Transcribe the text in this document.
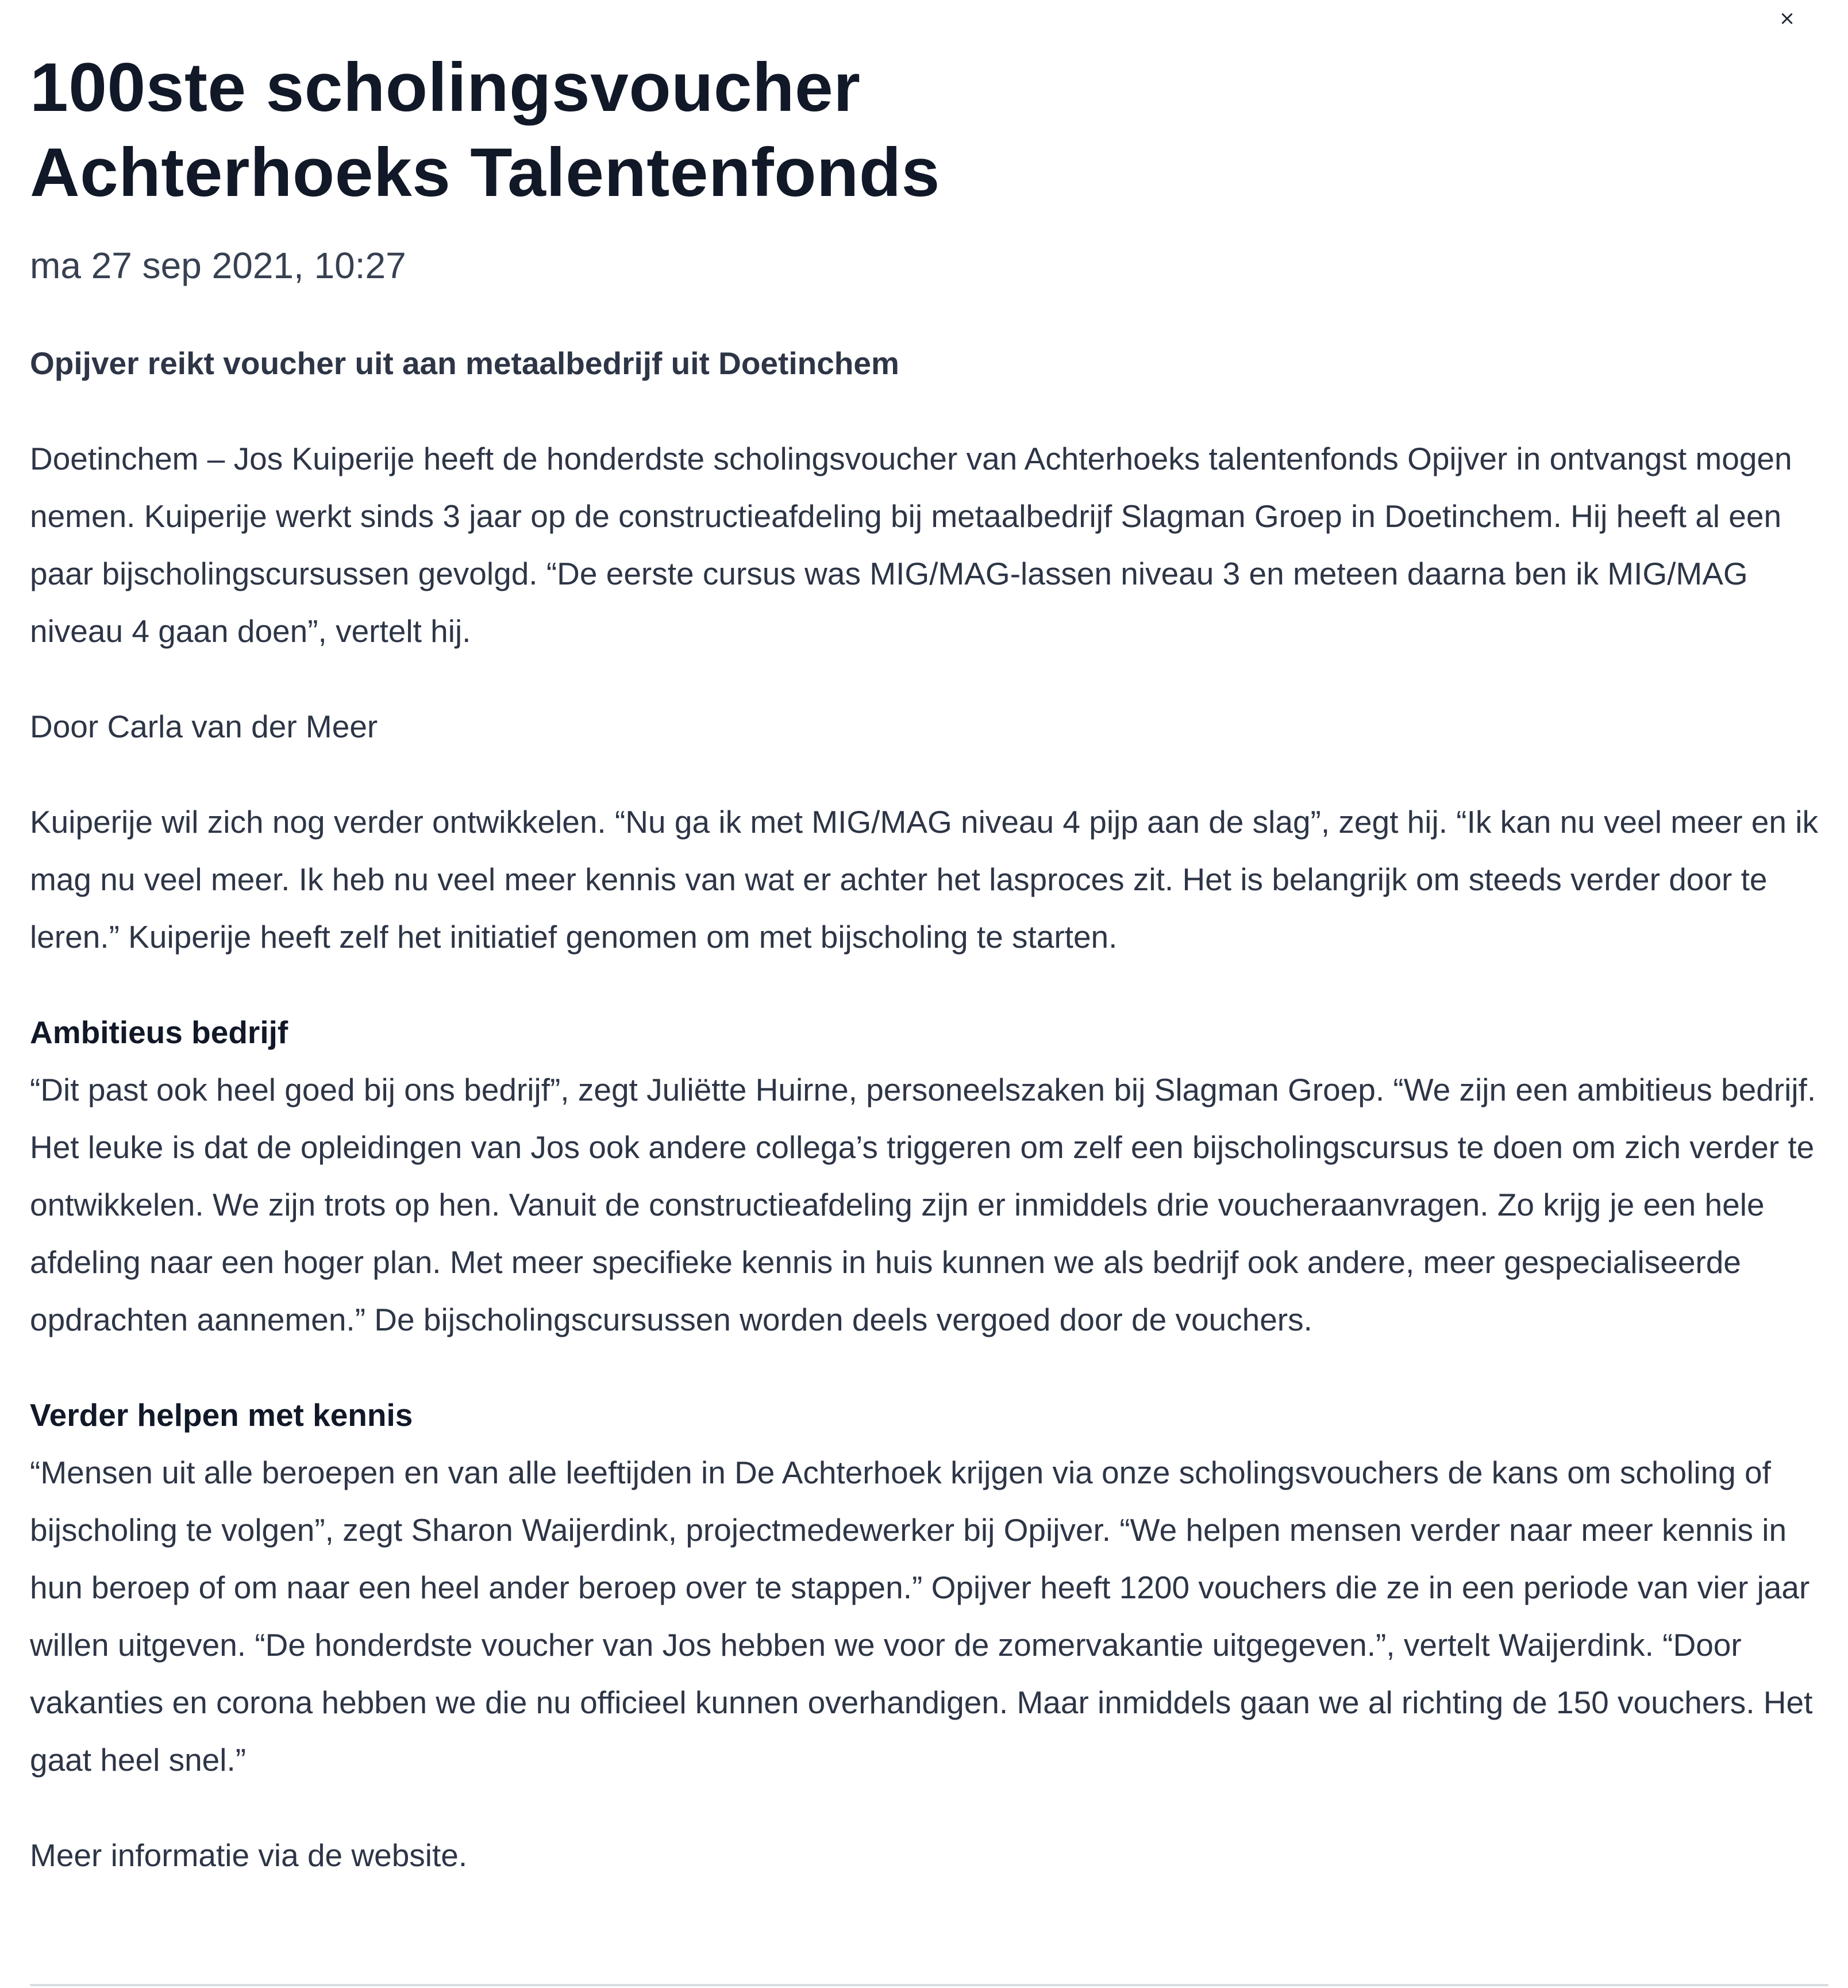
×
100ste scholingsvoucher
Achterhoeks Talentenfonds
ma 27 sep 2021, 10:27
Opijver reikt voucher uit aan metaalbedrijf uit Doetinchem

Doetinchem – Jos Kuiperije heeft de honderdste scholingsvoucher van Achterhoeks talentenfonds Opijver in ontvangst mogen nemen. Kuiperije werkt sinds 3 jaar op de constructieafdeling bij metaalbedrijf Slagman Groep in Doetinchem. Hij heeft al een paar bijscholingscursussen gevolgd. “De eerste cursus was MIG/MAG-lassen niveau 3 en meteen daarna ben ik MIG/MAG niveau 4 gaan doen”, vertelt hij.

Door Carla van der Meer

Kuiperije wil zich nog verder ontwikkelen. “Nu ga ik met MIG/MAG niveau 4 pijp aan de slag”, zegt hij. “Ik kan nu veel meer en ik mag nu veel meer. Ik heb nu veel meer kennis van wat er achter het lasproces zit. Het is belangrijk om steeds verder door te leren.” Kuiperije heeft zelf het initiatief genomen om met bijscholing te starten.

Ambitieus bedrijf

“Dit past ook heel goed bij ons bedrijf”, zegt Juliëtte Huirne, personeelszaken bij Slagman Groep. “We zijn een ambitieus bedrijf. Het leuke is dat de opleidingen van Jos ook andere collega’s triggeren om zelf een bijscholingscursus te doen om zich verder te ontwikkelen. We zijn trots op hen. Vanuit de constructieafdeling zijn er inmiddels drie voucheraanvragen. Zo krijg je een hele afdeling naar een hoger plan. Met meer specifieke kennis in huis kunnen we als bedrijf ook andere, meer gespecialiseerde opdrachten aannemen.” De bijscholingscursussen worden deels vergoed door de vouchers.

Verder helpen met kennis

“Mensen uit alle beroepen en van alle leeftijden in De Achterhoek krijgen via onze scholingsvouchers de kans om scholing of bijscholing te volgen”, zegt Sharon Waijerdink, projectmedewerker bij Opijver. “We helpen mensen verder naar meer kennis in hun beroep of om naar een heel ander beroep over te stappen.” Opijver heeft 1200 vouchers die ze in een periode van vier jaar willen uitgeven. “De honderdste voucher van Jos hebben we voor de zomervakantie uitgegeven.”, vertelt Waijerdink. “Door vakanties en corona hebben we die nu officieel kunnen overhandigen. Maar inmiddels gaan we al richting de 150 vouchers. Het gaat heel snel.”

Meer informatie via de website.
